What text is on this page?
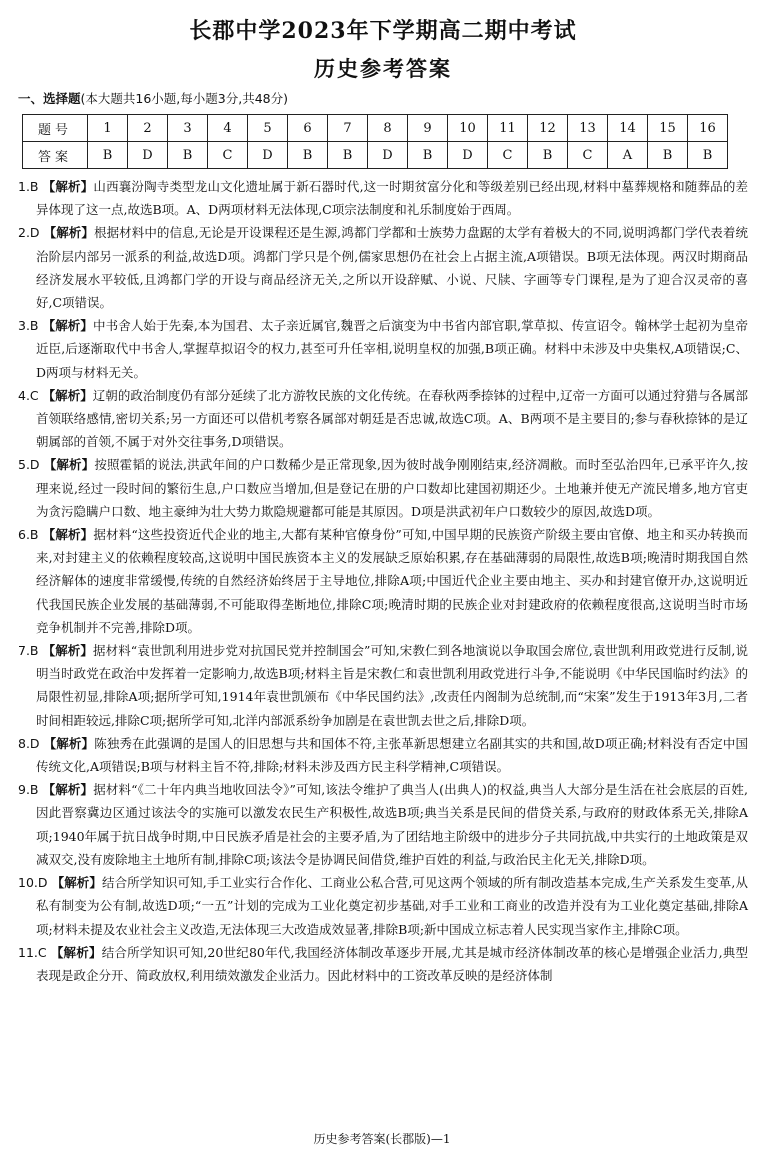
长郡中学2023年下学期高二期中考试
历史参考答案
一、选择题(本大题共16小题,每小题3分,共48分)
题号	1	2	3	4	5	6	7	8	9	10	11	12	13	14	15	16
答案	B	D	B	C	D	B	B	D	B	D	C	B	C	A	B	B

1.B 【解析】山西襄汾陶寺类型龙山文化遗址属于新石器时代,这一时期贫富分化和等级差别已经出现,材料中墓葬规格和随葬品的差异体现了这一点,故选B项。A、D两项材料无法体现,C项宗法制度和礼乐制度始于西周。

2.D 【解析】根据材料中的信息,无论是开设课程还是生源,鸿都门学都和士族势力盘踞的太学有着极大的不同,说明鸿都门学代表着统治阶层内部另一派系的利益,故选D项。鸿都门学只是个例,儒家思想仍在社会上占据主流,A项错误。B项无法体现。两汉时期商品经济发展水平较低,且鸿都门学的开设与商品经济无关,之所以开设辞赋、小说、尺牍、字画等专门课程,是为了迎合汉灵帝的喜好,C项错误。

3.B 【解析】中书舍人始于先秦,本为国君、太子亲近属官,魏晋之后演变为中书省内部官职,掌草拟、传宣诏令。翰林学士起初为皇帝近臣,后逐渐取代中书舍人,掌握草拟诏令的权力,甚至可升任宰相,说明皇权的加强,B项正确。材料中未涉及中央集权,A项错误;C、D两项与材料无关。

4.C 【解析】辽朝的政治制度仍有部分延续了北方游牧民族的文化传统。在春秋两季捺钵的过程中,辽帝一方面可以通过狩猎与各属部首领联络感情,密切关系;另一方面还可以借机考察各属部对朝廷是否忠诚,故选C项。A、B两项不是主要目的;参与春秋捺钵的是辽朝属部的首领,不属于对外交往事务,D项错误。

5.D 【解析】按照霍韬的说法,洪武年间的户口数稀少是正常现象,因为彼时战争刚刚结束,经济凋敝。而时至弘治四年,已承平许久,按理来说,经过一段时间的繁衍生息,户口数应当增加,但是登记在册的户口数却比建国初期还少。土地兼并使无产流民增多,地方官吏为贪污隐瞒户口数、地主豪绅为壮大势力欺隐规避都可能是其原因。D项是洪武初年户口数较少的原因,故选D项。

6.B 【解析】据材料“这些投资近代企业的地主,大都有某种官僚身份”可知,中国早期的民族资产阶级主要由官僚、地主和买办转换而来,对封建主义的依赖程度较高,这说明中国民族资本主义的发展缺乏原始积累,存在基础薄弱的局限性,故选B项;晚清时期我国自然经济解体的速度非常缓慢,传统的自然经济始终居于主导地位,排除A项;中国近代企业主要由地主、买办和封建官僚开办,这说明近代我国民族企业发展的基础薄弱,不可能取得垄断地位,排除C项;晚清时期的民族企业对封建政府的依赖程度很高,这说明当时市场竞争机制并不完善,排除D项。

7.B 【解析】据材料“袁世凯利用进步党对抗国民党并控制国会”可知,宋教仁到各地演说以争取国会席位,袁世凯利用政党进行反制,说明当时政党在政治中发挥着一定影响力,故选B项;材料主旨是宋教仁和袁世凯利用政党进行斗争,不能说明《中华民国临时约法》的局限性初显,排除A项;据所学可知,1914年袁世凯颁布《中华民国约法》,改责任内阁制为总统制,而“宋案”发生于1913年3月,二者时间相距较远,排除C项;据所学可知,北洋内部派系纷争加剧是在袁世凯去世之后,排除D项。

8.D 【解析】陈独秀在此强调的是国人的旧思想与共和国体不符,主张革新思想建立名副其实的共和国,故D项正确;材料没有否定中国传统文化,A项错误;B项与材料主旨不符,排除;材料未涉及西方民主科学精神,C项错误。

9.B 【解析】据材料“《二十年内典当地收回法令》”可知,该法令维护了典当人(出典人)的权益,典当人大部分是生活在社会底层的百姓,因此晋察冀边区通过该法令的实施可以激发农民生产积极性,故选B项;典当关系是民间的借贷关系,与政府的财政体系无关,排除A项;1940年属于抗日战争时期,中日民族矛盾是社会的主要矛盾,为了团结地主阶级中的进步分子共同抗战,中共实行的土地政策是双减双交,没有废除地主土地所有制,排除C项;该法令是协调民间借贷,维护百姓的利益,与政治民主化无关,排除D项。

10.D 【解析】结合所学知识可知,手工业实行合作化、工商业公私合营,可见这两个领域的所有制改造基本完成,生产关系发生变革,从私有制变为公有制,故选D项;“一五”计划的完成为工业化奠定初步基础,对手工业和工商业的改造并没有为工业化奠定基础,排除A项;材料未提及农业社会主义改造,无法体现三大改造成效显著,排除B项;新中国成立标志着人民实现当家作主,排除C项。

11.C 【解析】结合所学知识可知,20世纪80年代,我国经济体制改革逐步开展,尤其是城市经济体制改革的核心是增强企业活力,典型表现是政企分开、简政放权,利用绩效激发企业活力。因此材料中的工资改革反映的是经济体制

历史参考答案(长郡版)—1
